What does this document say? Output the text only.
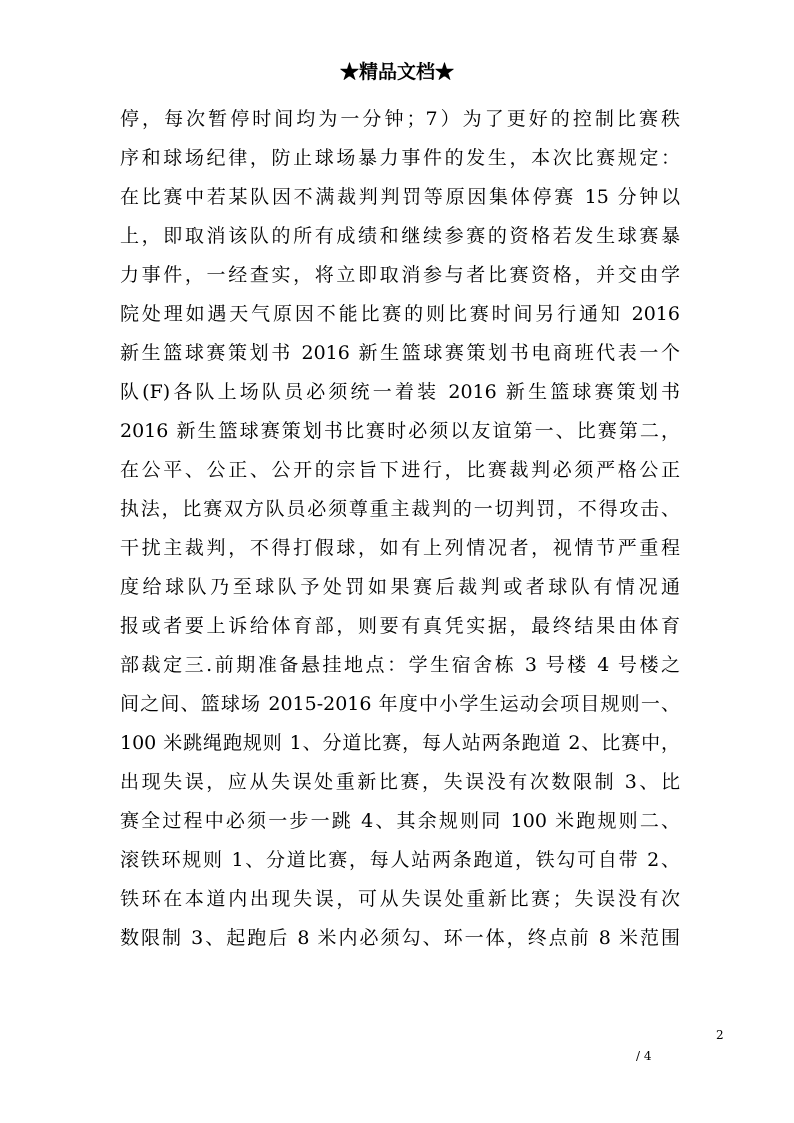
★精品文档★
停，每次暂停时间均为一分钟；7）为了更好的控制比赛秩
序和球场纪律，防止球场暴力事件的发生，本次比赛规定：
在比赛中若某队因不满裁判判罚等原因集体停赛 15 分钟以
上，即取消该队的所有成绩和继续参赛的资格若发生球赛暴
力事件，一经查实，将立即取消参与者比赛资格，并交由学
院处理如遇天气原因不能比赛的则比赛时间另行通知 2016
新生篮球赛策划书 2016 新生篮球赛策划书电商班代表一个
队(F)各队上场队员必须统一着装 2016 新生篮球赛策划书
2016 新生篮球赛策划书比赛时必须以友谊第一、比赛第二，
在公平、公正、公开的宗旨下进行，比赛裁判必须严格公正
执法，比赛双方队员必须尊重主裁判的一切判罚，不得攻击、
干扰主裁判，不得打假球，如有上列情况者，视情节严重程
度给球队乃至球队予处罚如果赛后裁判或者球队有情况通
报或者要上诉给体育部，则要有真凭实据，最终结果由体育
部裁定三.前期准备悬挂地点：学生宿舍栋 3 号楼 4 号楼之
间之间、篮球场 2015-2016 年度中小学生运动会项目规则一、
100 米跳绳跑规则 1、分道比赛，每人站两条跑道 2、比赛中，
出现失误，应从失误处重新比赛，失误没有次数限制 3、比
赛全过程中必须一步一跳 4、其余规则同 100 米跑规则二、
滚铁环规则 1、分道比赛，每人站两条跑道，铁勾可自带 2、
铁环在本道内出现失误，可从失误处重新比赛；失误没有次
数限制 3、起跑后 8 米内必须勾、环一体，终点前 8 米范围
2
/ 4
